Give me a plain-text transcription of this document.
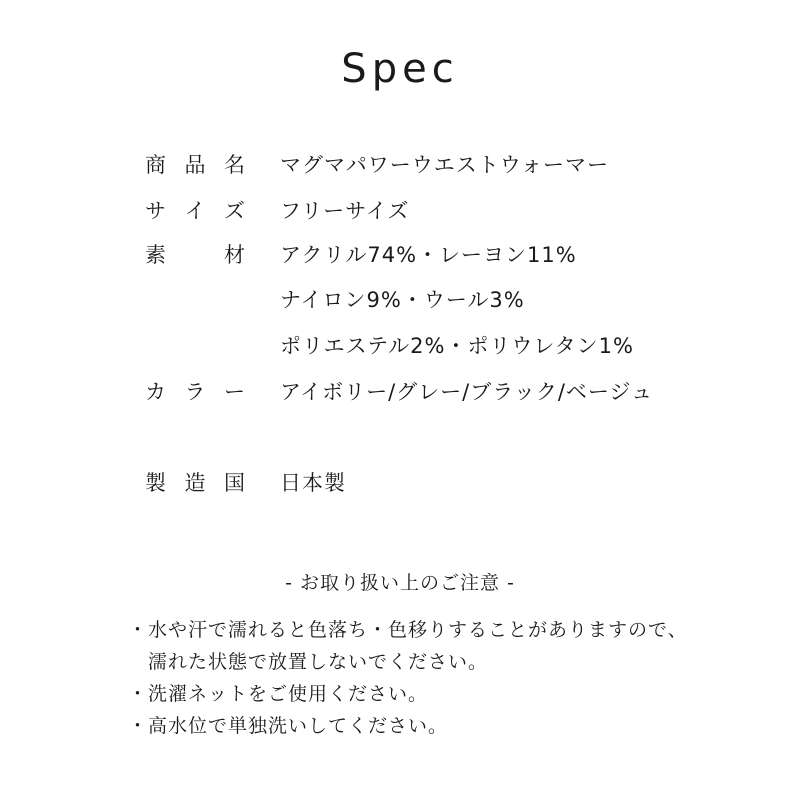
Spec
商 品 名 マグマパワーウエストウォーマー
サ イ ズ フリーサイズ
素	材 アクリル74%・レーヨン11%
ナイロン9%・ウール3%
ポリエステル2%・ポリウレタン1%
カ ラ ー アイボリー/グレー/ブラック/ベージュ
製 造 国 日本製
- お取り扱い上のご注意 -
・水や汗で濡れると色落ち・色移りすることがありますので、
濡れた状態で放置しないでください。
・洗濯ネットをご使用ください。
・高水位で単独洗いしてください。
